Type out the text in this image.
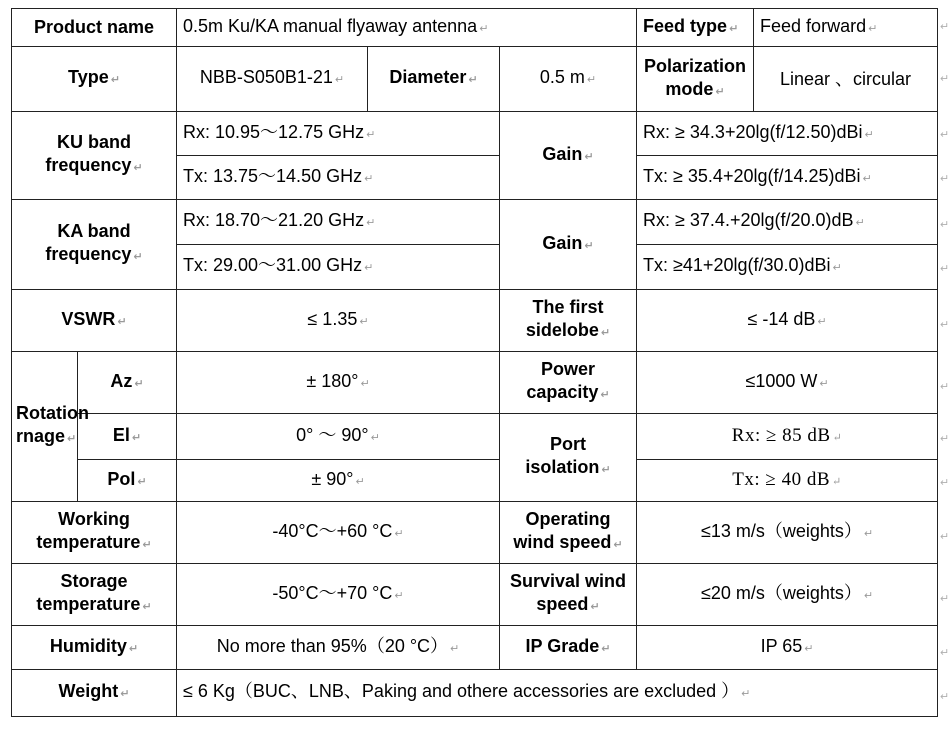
Product name		0.5m Ku/KA manual flyaway antenna ↵			Feed type ↵	Feed forward ↵
Type ↵		NBB-S050B1-21 ↵	Diameter ↵	0.5 m ↵	Polarization mode ↵	Linear 、circular
KU band frequency ↵		Rx: 10.95～12.75 GHz ↵		Gain ↵	Rx: ≥ 34.3+20lg(f/12.50)dBi ↵	
		Tx: 13.75～14.50 GHz ↵			Tx: ≥ 35.4+20lg(f/14.25)dBi ↵	
KA band frequency ↵		Rx: 18.70～21.20 GHz ↵		Gain ↵	Rx: ≥ 37.4.+20lg(f/20.0)dB ↵	
		Tx: 29.00～31.00 GHz ↵			Tx: ≥41+20lg(f/30.0)dBi ↵	
VSWR ↵		≤ 1.35 ↵		The first sidelobe ↵	≤ -14 dB ↵	
Rotation rnage ↵	Az ↵	± 180° ↵		Power capacity ↵	≤1000 W ↵	
	El ↵	0° ～ 90° ↵		Port isolation ↵	Rx: ≥ 85 dB ↵	
	Pol ↵	± 90° ↵			Tx: ≥ 40 dB ↵	
Working temperature ↵		-40°C～+60 °C ↵		Operating wind speed ↵	≤13 m/s（weights） ↵	
Storage temperature ↵		-50°C～+70 °C ↵		Survival wind speed ↵	≤20 m/s（weights） ↵	
Humidity ↵		No more than 95%（20 °C） ↵		IP Grade ↵	IP 65 ↵	
Weight ↵		≤ 6 Kg（BUC、LNB、Paking and othere accessories are excluded ） ↵				
↵
↵
↵
↵
↵
↵
↵
↵
↵
↵
↵
↵
↵
↵
